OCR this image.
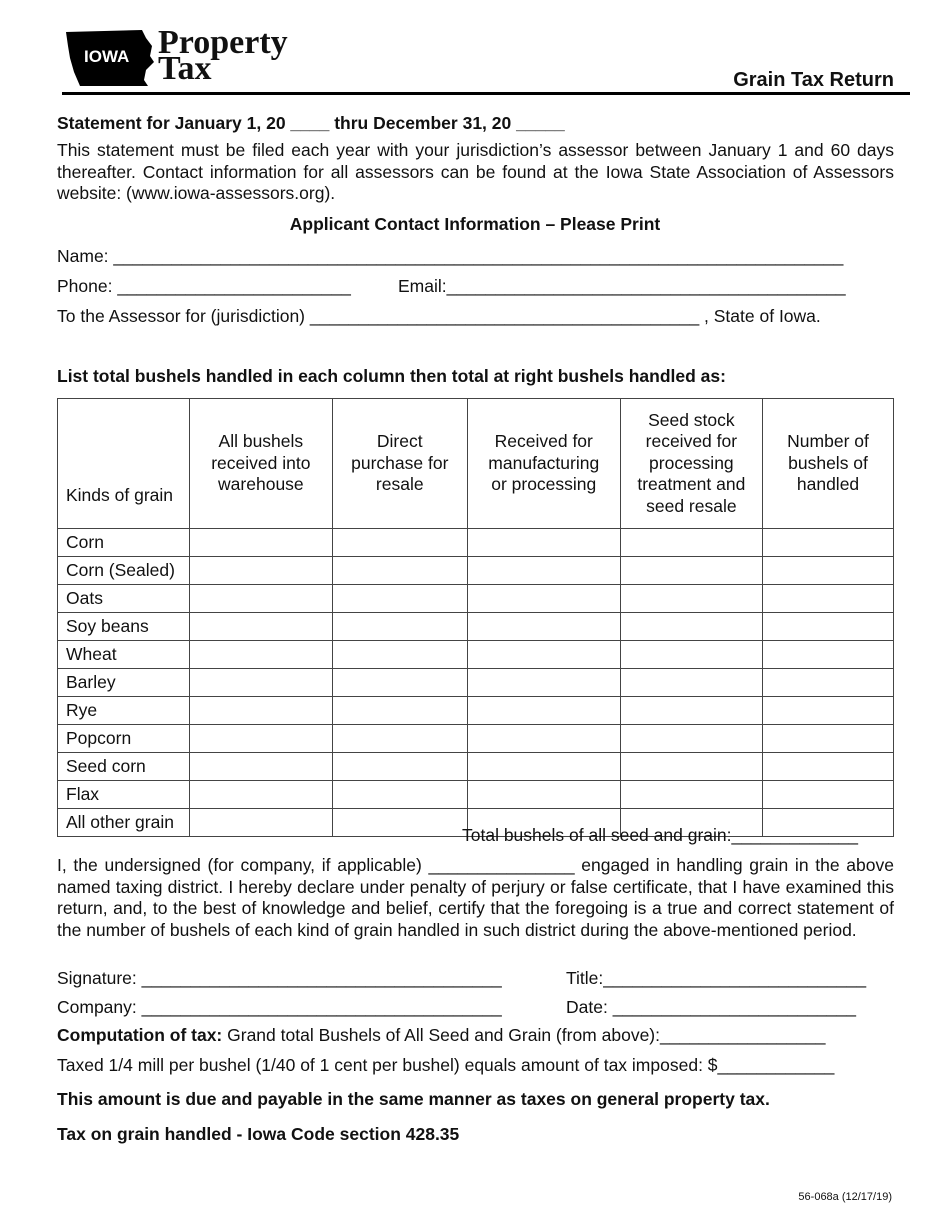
IOWA Property
Tax	Grain Tax Return
Statement for January 1, 20 ____ thru December 31, 20 _____
This statement must be filed each year with your jurisdiction’s assessor between January 1 and 60 days thereafter. Contact information for all assessors can be found at the Iowa State Association of Assessors website: (www.iowa-assessors.org).
Applicant Contact Information – Please Print
Name: ___________________________________________________________________________
Phone: ________________________	Email:_________________________________________
To the Assessor for (jurisdiction) ________________________________________ , State of Iowa.
List total bushels handled in each column then total at right bushels handled as:
Kinds of grain	All bushels
received into
warehouse	Direct
purchase for
resale	Received for
manufacturing
or processing	Seed stock
received for
processing
treatment and
seed resale	Number of
bushels of
handled
Corn					
Corn (Sealed)					
Oats					
Soy beans					
Wheat					
Barley					
Rye					
Popcorn					
Seed corn					
Flax					
All other grain					
Total bushels of all seed and grain:_____________
I, the undersigned (for company, if applicable) _______________ engaged in handling grain in the above named taxing district. I hereby declare under penalty of perjury or false certificate, that I have examined this return, and, to the best of knowledge and belief, certify that the foregoing is a true and correct statement of the number of bushels of each kind of grain handled in such district during the above-mentioned period.
Signature: _____________________________________	Title:___________________________
Company: _____________________________________	Date: _________________________
Computation of tax: Grand total Bushels of All Seed and Grain (from above):_________________
Taxed 1/4 mill per bushel (1/40 of 1 cent per bushel) equals amount of tax imposed: $____________
This amount is due and payable in the same manner as taxes on general property tax.
Tax on grain handled - Iowa Code section 428.35
56-068a (12/17/19)
